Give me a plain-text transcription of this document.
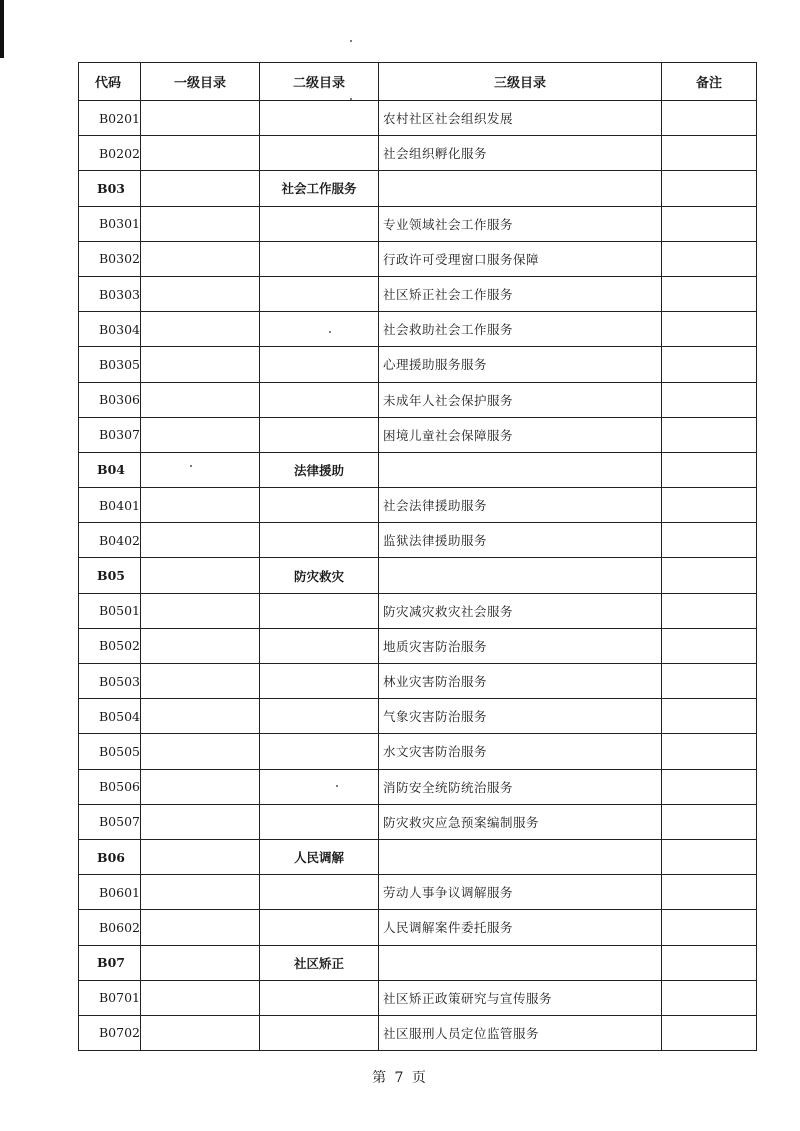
代码	一级目录	二级目录	三级目录	备注
B0201			农村社区社会组织发展	
B0202			社会组织孵化服务	
B03		社会工作服务		
B0301			专业领域社会工作服务	
B0302			行政许可受理窗口服务保障	
B0303			社区矫正社会工作服务	
B0304			社会救助社会工作服务	
B0305			心理援助服务服务	
B0306			未成年人社会保护服务	
B0307			困境儿童社会保障服务	
B04		法律援助		
B0401			社会法律援助服务	
B0402			监狱法律援助服务	
B05		防灾救灾		
B0501			防灾减灾救灾社会服务	
B0502			地质灾害防治服务	
B0503			林业灾害防治服务	
B0504			气象灾害防治服务	
B0505			水文灾害防治服务	
B0506			消防安全统防统治服务	
B0507			防灾救灾应急预案编制服务	
B06		人民调解		
B0601			劳动人事争议调解服务	
B0602			人民调解案件委托服务	
B07		社区矫正		
B0701			社区矫正政策研究与宣传服务	
B0702			社区服刑人员定位监管服务	
第 7 页
